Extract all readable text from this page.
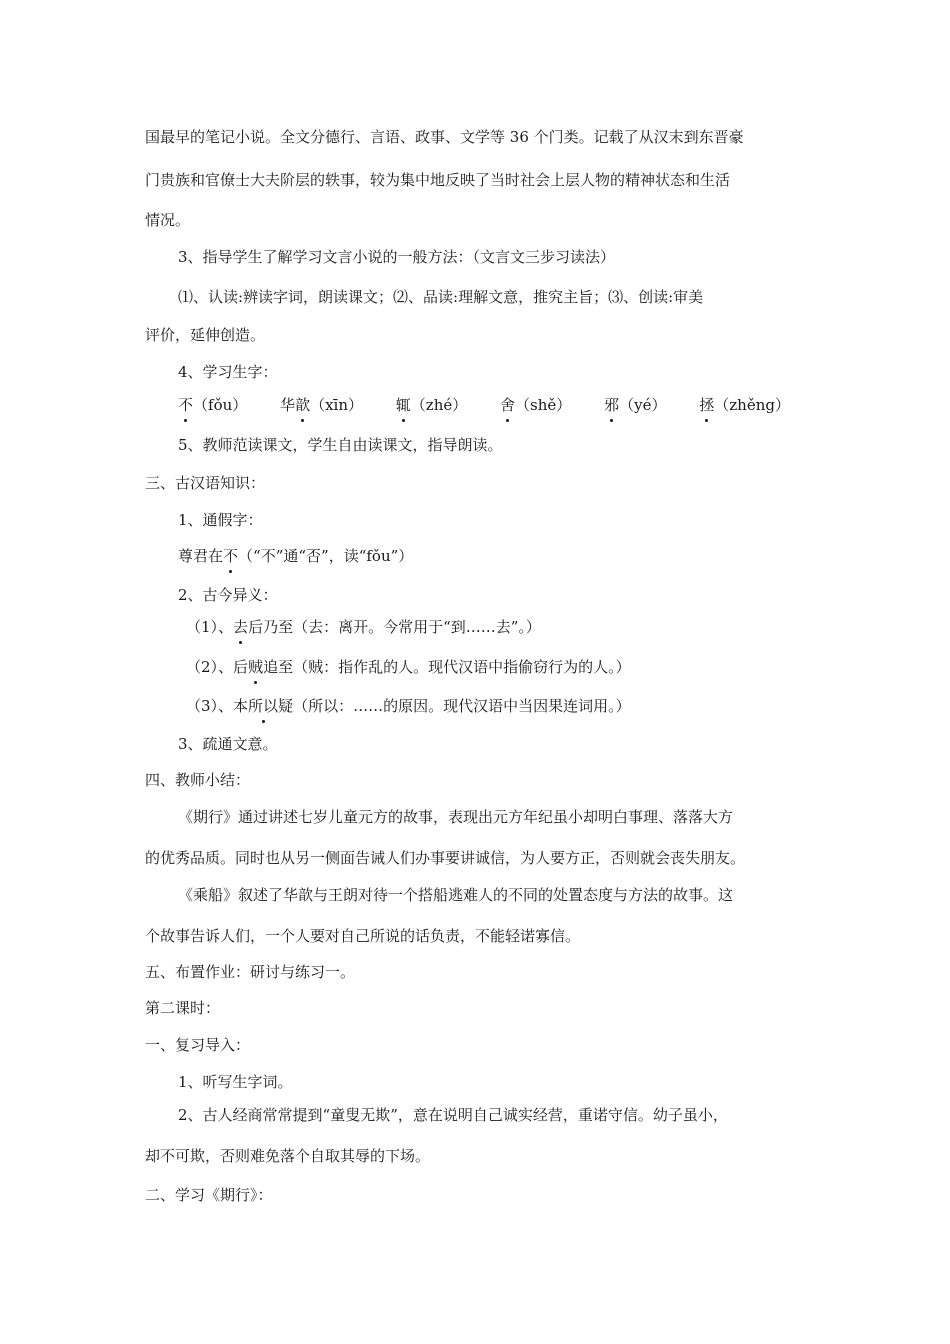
国最早的笔记小说。全文分德行、言语、政事、文学等 36 个门类。记载了从汉末到东晋豪
门贵族和官僚士大夫阶层的轶事，较为集中地反映了当时社会上层人物的精神状态和生活
情况。
3、指导学生了解学习文言小说的一般方法：（文言文三步习读法）
⑴、认读:辨读字词，朗读课文；⑵、品读:理解文意，推究主旨；⑶、创读:审美
评价，延伸创造。
4、学习生字：
不（fǒu） 华歆（xīn） 辄（zhé） 舍（shě） 邪（yé） 拯（zhěng）
5、教师范读课文，学生自由读课文，指导朗读。
三、古汉语知识：
1、通假字：
尊君在不（“不”通“否”，读“fǒu”）
2、古今异义：
（1）、去后乃至（去：离开。今常用于“到……去”。）
（2）、后贼追至（贼：指作乱的人。现代汉语中指偷窃行为的人。）
（3）、本所以疑（所以：……的原因。现代汉语中当因果连词用。）
3、疏通文意。
四、教师小结：
《期行》通过讲述七岁儿童元方的故事，表现出元方年纪虽小却明白事理、落落大方
的优秀品质。同时也从另一侧面告诫人们办事要讲诚信，为人要方正，否则就会丧失朋友。
《乘船》叙述了华歆与王朗对待一个搭船逃难人的不同的处置态度与方法的故事。这
个故事告诉人们，一个人要对自己所说的话负责，不能轻诺寡信。
五、布置作业：研讨与练习一。
第二课时：
一、复习导入：
1、听写生字词。
2、古人经商常常提到“童叟无欺”，意在说明自己诚实经营，重诺守信。幼子虽小，
却不可欺，否则难免落个自取其辱的下场。
二、学习《期行》：
